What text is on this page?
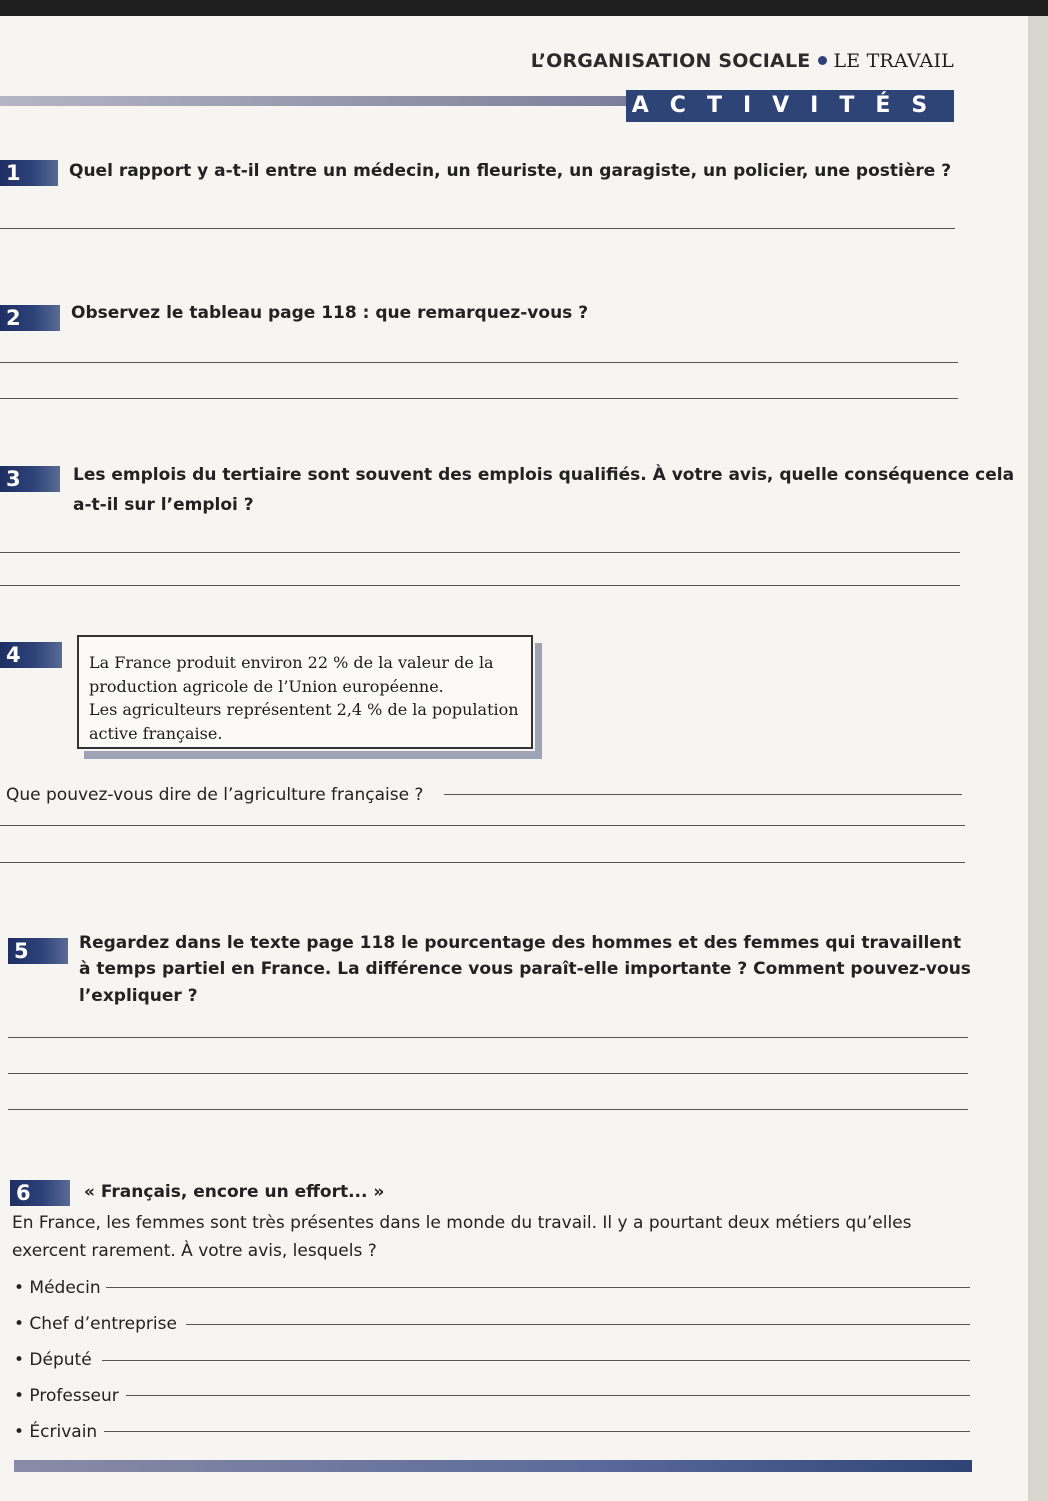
L’ORGANISATION SOCIALE LE TRAVAIL
ACTIVITÉS
1	Quel rapport y a-t-il entre un médecin, un fleuriste, un garagiste, un policier, une postière ?
2	Observez le tableau page 118 : que remarquez-vous ?
3	Les emplois du tertiaire sont souvent des emplois qualifiés. À votre avis, quelle conséquence cela
a-t-il sur l’emploi ?
4	La France produit environ 22 % de la valeur de la
production agricole de l’Union européenne.
Les agriculteurs représentent 2,4 % de la population
active française.
Que pouvez-vous dire de l’agriculture française ?
5	Regardez dans le texte page 118 le pourcentage des hommes et des femmes qui travaillent
à temps partiel en France. La différence vous paraît-elle importante ? Comment pouvez-vous
l’expliquer ?
6	« Français, encore un effort... »
En France, les femmes sont très présentes dans le monde du travail. Il y a pourtant deux métiers qu’elles
exercent rarement. À votre avis, lesquels ?
• Médecin
• Chef d’entreprise
• Député
• Professeur
• Écrivain
